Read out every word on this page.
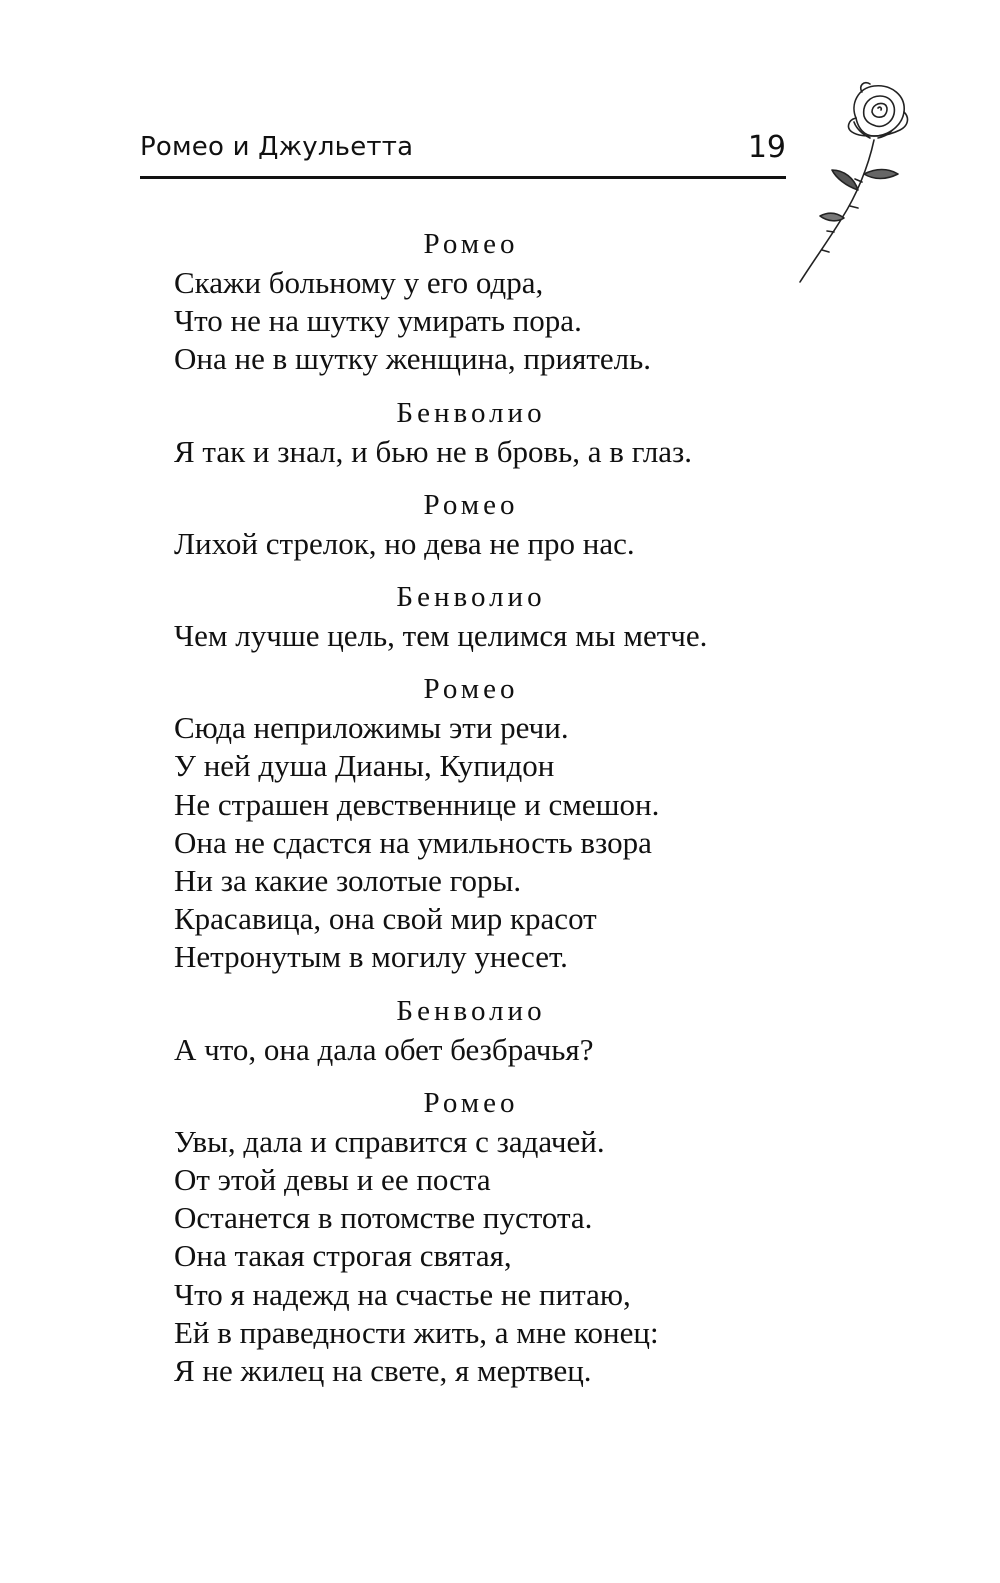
Ромео и Джульетта	19
Ромео
Скажи больному у его одра,
Что не на шутку умирать пора.
Она не в шутку женщина, приятель.
Бенволио
Я так и знал, и бью не в бровь, а в глаз.
Ромео
Лихой стрелок, но дева не про нас.
Бенволио
Чем лучше цель, тем целимся мы метче.
Ромео
Сюда неприложимы эти речи.
У ней душа Дианы, Купидон
Не страшен девственнице и смешон.
Она не сдастся на умильность взора
Ни за какие золотые горы.
Красавица, она свой мир красот
Нетронутым в могилу унесет.
Бенволио
А что, она дала обет безбрачья?
Ромео
Увы, дала и справится с задачей.
От этой девы и ее поста
Останется в потомстве пустота.
Она такая строгая святая,
Что я надежд на счастье не питаю,
Ей в праведности жить, а мне конец:
Я не жилец на свете, я мертвец.
